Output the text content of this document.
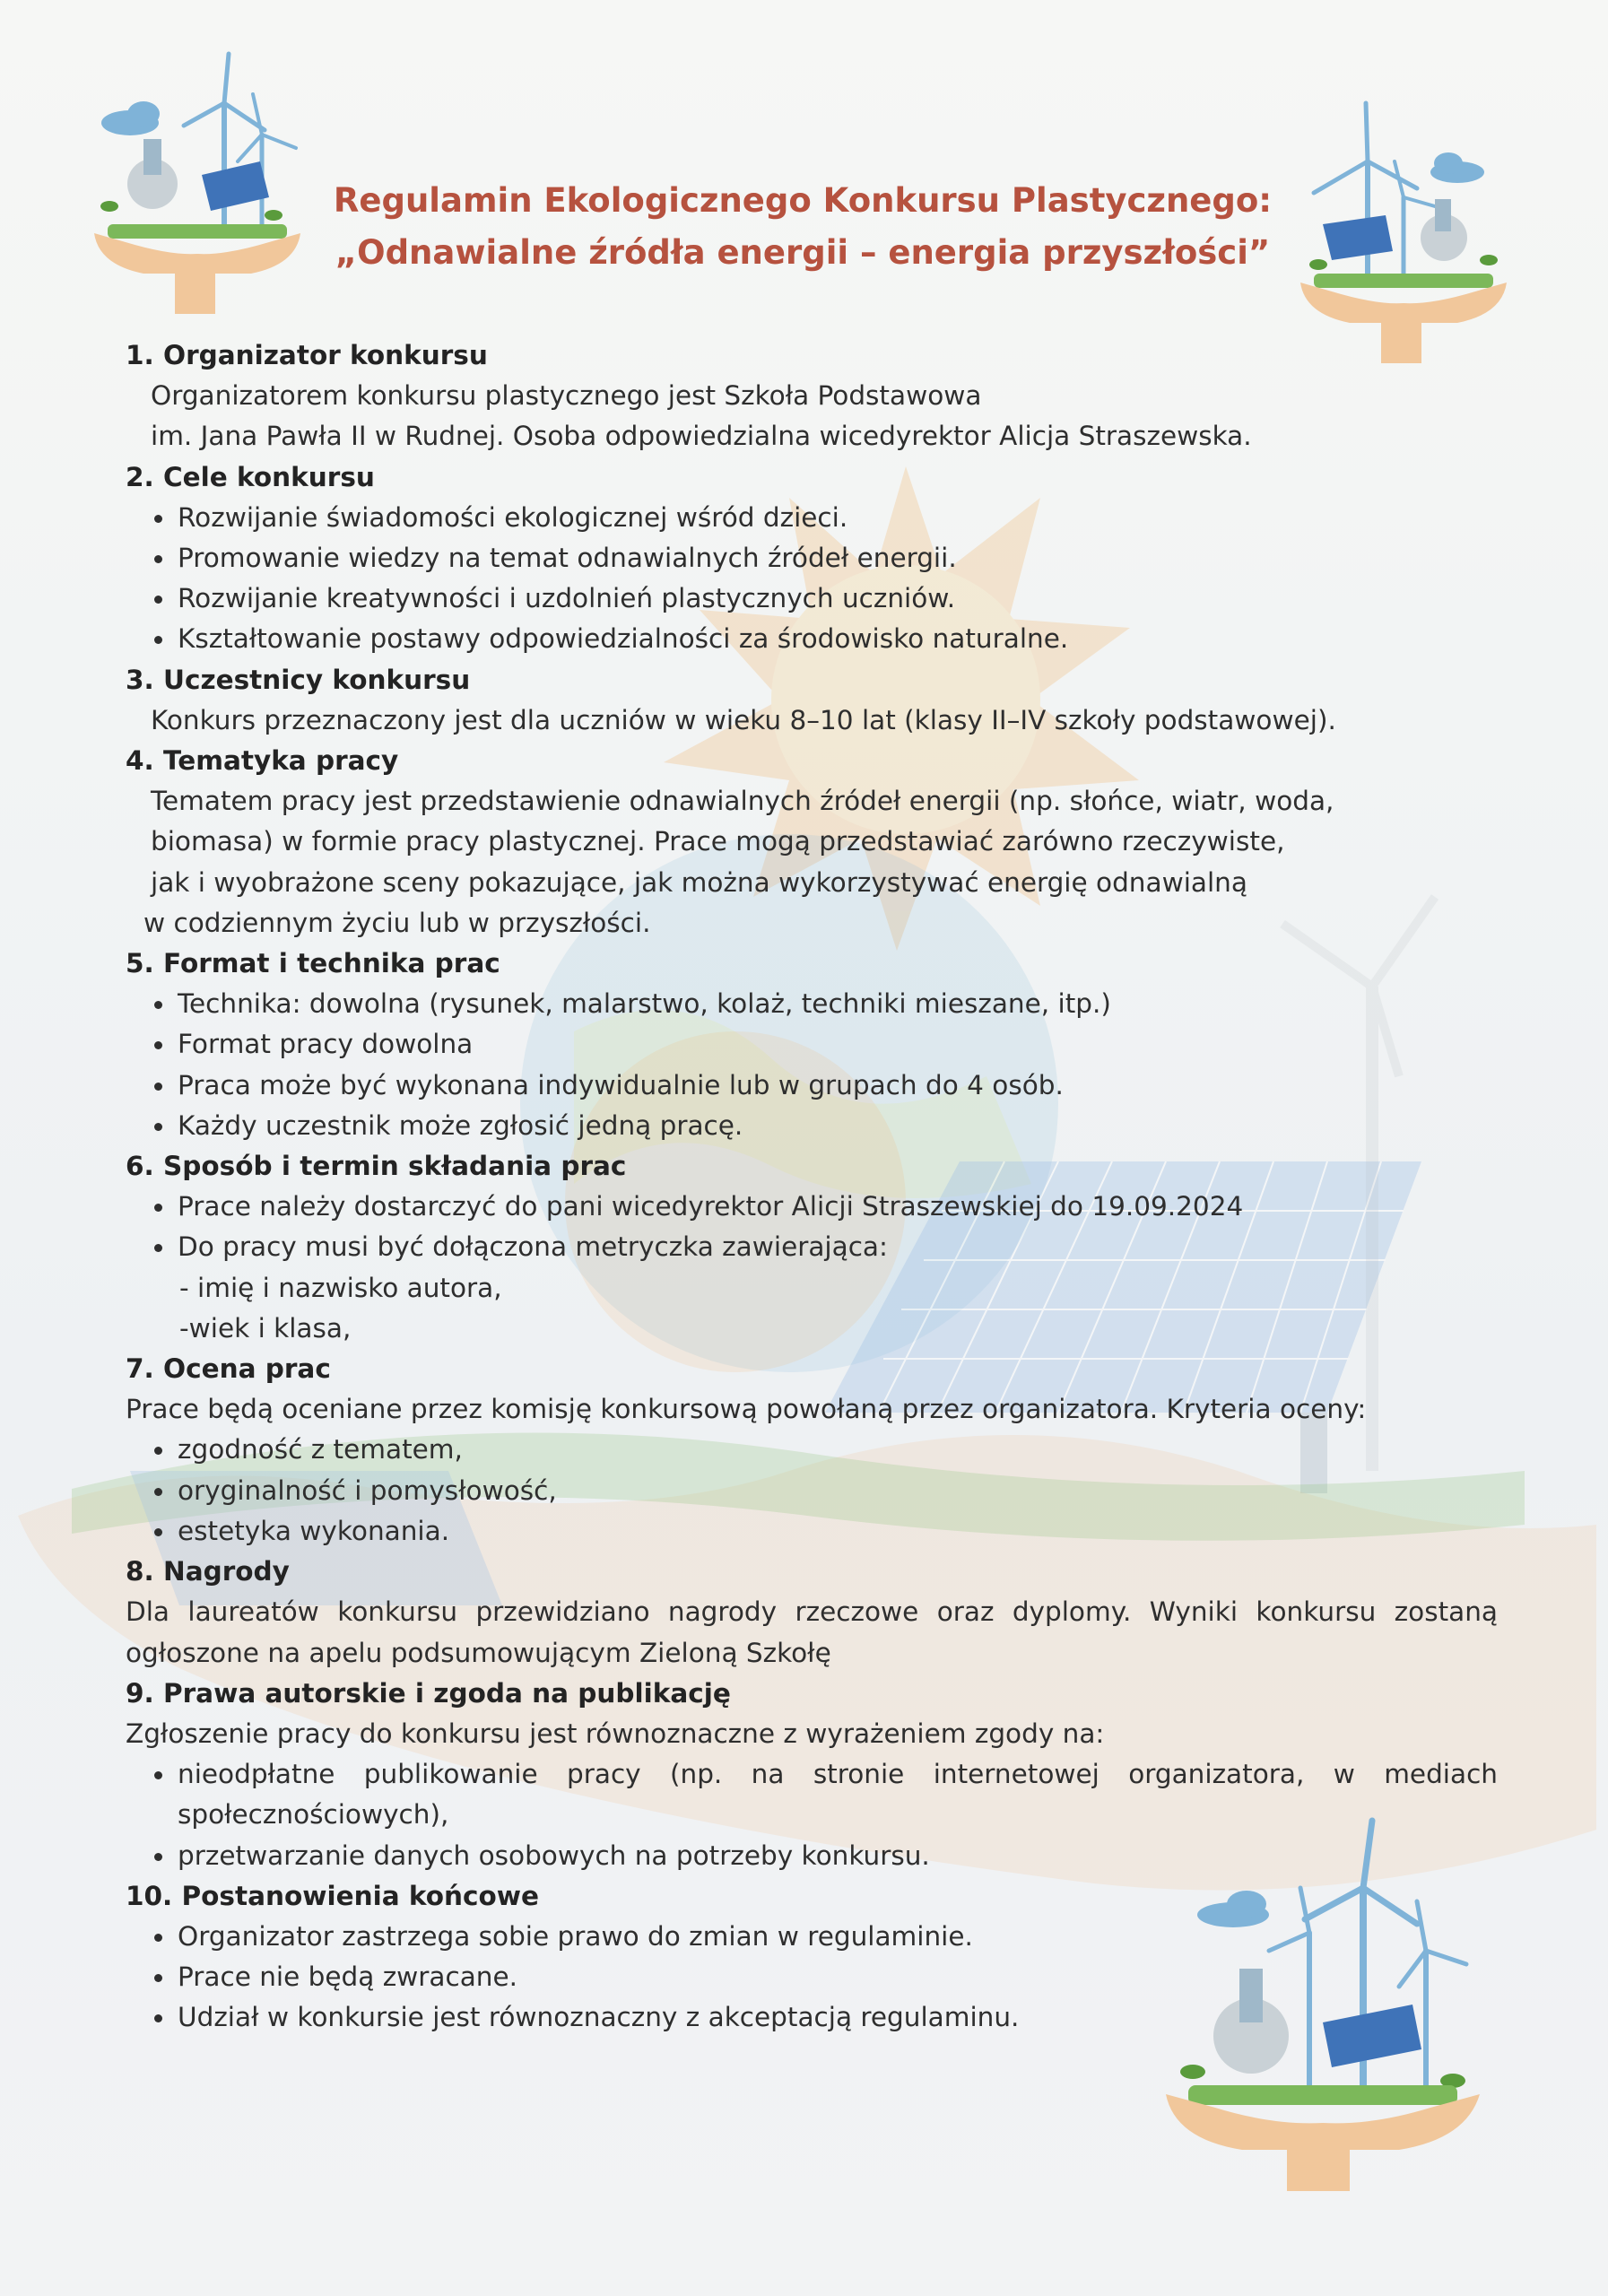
Regulamin Ekologicznego Konkursu Plastycznego:
„Odnawialne źródła energii – energia przyszłości”
1. Organizator konkursu

Organizatorem konkursu plastycznego jest Szkoła Podstawowa

im. Jana Pawła II w Rudnej. Osoba odpowiedzialna wicedyrektor Alicja Straszewska.

2. Cele konkursu
Rozwijanie świadomości ekologicznej wśród dzieci.
Promowanie wiedzy na temat odnawialnych źródeł energii.
Rozwijanie kreatywności i uzdolnień plastycznych uczniów.
Kształtowanie postawy odpowiedzialności za środowisko naturalne.
3. Uczestnicy konkursu

Konkurs przeznaczony jest dla uczniów w wieku 8–10 lat (klasy II–IV szkoły podstawowej).

4. Tematyka pracy

Tematem pracy jest przedstawienie odnawialnych źródeł energii (np. słońce, wiatr, woda,

biomasa) w formie pracy plastycznej. Prace mogą przedstawiać zarówno rzeczywiste,

jak i wyobrażone sceny pokazujące, jak można wykorzystywać energię odnawialną

w codziennym życiu lub w przyszłości.

5. Format i technika prac
Technika: dowolna (rysunek, malarstwo, kolaż, techniki mieszane, itp.)
Format pracy dowolna
Praca może być wykonana indywidualnie lub w grupach do 4 osób.
Każdy uczestnik może zgłosić jedną pracę.
6. Sposób i termin składania prac
Prace należy dostarczyć do pani wicedyrektor Alicji Straszewskiej do 19.09.2024
Do pracy musi być dołączona metryczka zawierająca:

- imię i nazwisko autora,

-wiek i klasa,

7. Ocena prac

Prace będą oceniane przez komisję konkursową powołaną przez organizatora. Kryteria oceny:

zgodność z tematem,
oryginalność i pomysłowość,
estetyka wykonania.
8. Nagrody

Dla laureatów konkursu przewidziano nagrody rzeczowe oraz dyplomy. Wyniki konkursu zostaną ogłoszone na apelu podsumowującym Zieloną Szkołę

9. Prawa autorskie i zgoda na publikację

Zgłoszenie pracy do konkursu jest równoznaczne z wyrażeniem zgody na:

nieodpłatne publikowanie pracy (np. na stronie internetowej organizatora, w mediach społecznościowych),
przetwarzanie danych osobowych na potrzeby konkursu.
10. Postanowienia końcowe
Organizator zastrzega sobie prawo do zmian w regulaminie.
Prace nie będą zwracane.
Udział w konkursie jest równoznaczny z akceptacją regulaminu.
